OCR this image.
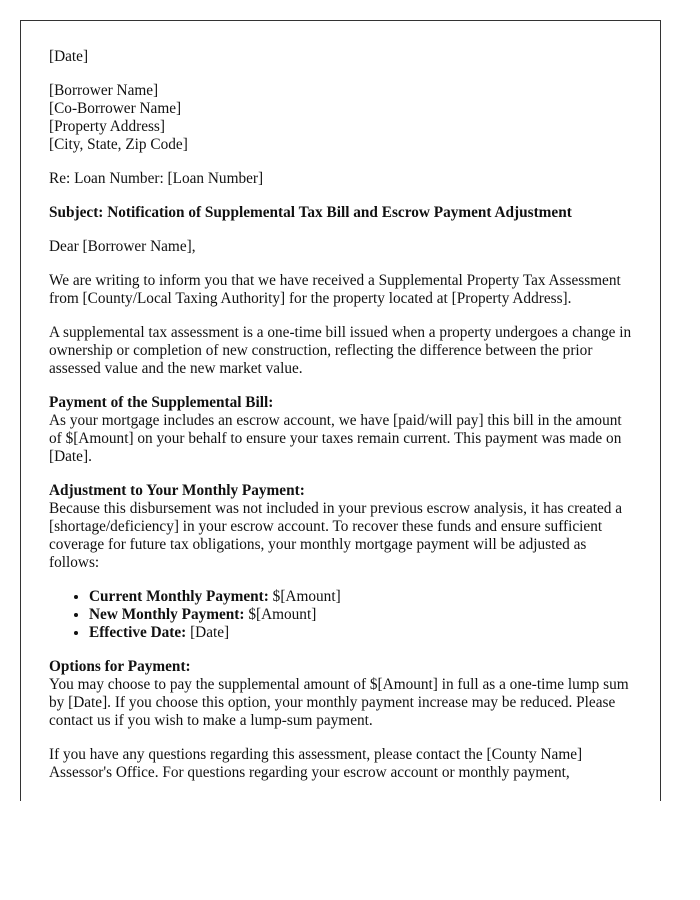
[Date]

[Borrower Name]
[Co-Borrower Name]
[Property Address]
[City, State, Zip Code]

Re: Loan Number: [Loan Number]

Subject: Notification of Supplemental Tax Bill and Escrow Payment Adjustment

Dear [Borrower Name],

We are writing to inform you that we have received a Supplemental Property Tax Assessment from [County/Local Taxing Authority] for the property located at [Property Address].

A supplemental tax assessment is a one-time bill issued when a property undergoes a change in ownership or completion of new construction, reflecting the difference between the prior assessed value and the new market value.

Payment of the Supplemental Bill:
As your mortgage includes an escrow account, we have [paid/will pay] this bill in the amount of $[Amount] on your behalf to ensure your taxes remain current. This payment was made on [Date].

Adjustment to Your Monthly Payment:
Because this disbursement was not included in your previous escrow analysis, it has created a [shortage/deficiency] in your escrow account. To recover these funds and ensure sufficient coverage for future tax obligations, your monthly mortgage payment will be adjusted as follows:

• Current Monthly Payment: $[Amount]
• New Monthly Payment: $[Amount]
• Effective Date: [Date]

Options for Payment:
You may choose to pay the supplemental amount of $[Amount] in full as a one-time lump sum by [Date]. If you choose this option, your monthly payment increase may be reduced. Please contact us if you wish to make a lump-sum payment.

If you have any questions regarding this assessment, please contact the [County Name] Assessor's Office. For questions regarding your escrow account or monthly payment,
